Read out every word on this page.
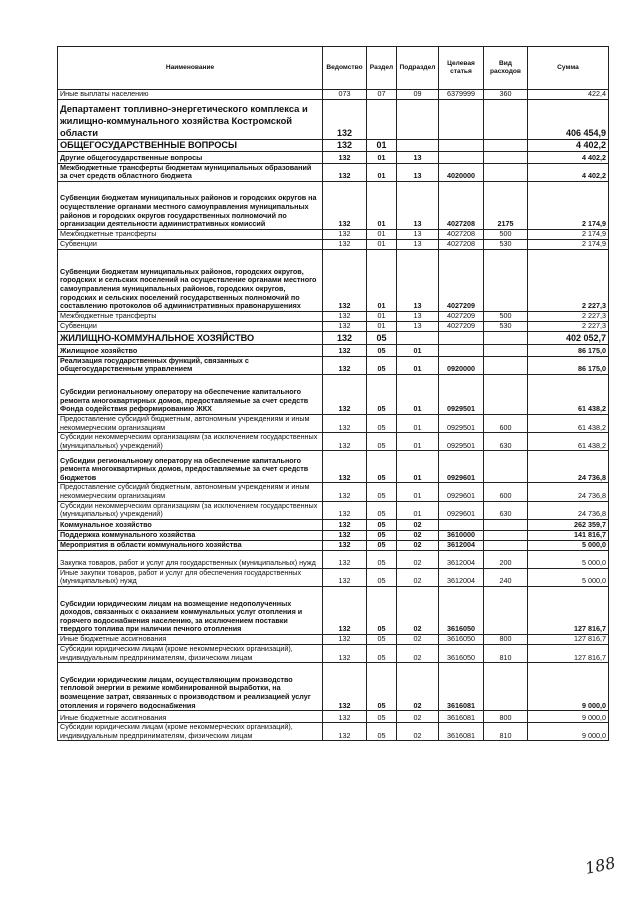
Наименование	Ведомство	Раздел	Подраздел	Целевая статья	Вид расходов	Сумма
Иные выплаты населению	073	07	09	6379999	360	422,4
Департамент топливно-энергетического комплекса и жилищно-коммунального хозяйства Костромской области	132					406 454,9
ОБЩЕГОСУДАРСТВЕННЫЕ ВОПРОСЫ	132	01				4 402,2
Другие общегосударственные вопросы	132	01	13			4 402,2
Межбюджетные трансферты бюджетам муниципальных образований за счет средств областного бюджета	132	01	13	4020000		4 402,2
Субвенции бюджетам муниципальных районов и городских округов на осуществление органами местного самоуправления муниципальных районов и городских округов государственных полномочий по организации деятельности административных комиссий	132	01	13	4027208	2175	2 174,9
Межбюджетные трансферты	132	01	13	4027208	500	2 174,9
Субвенции	132	01	13	4027208	530	2 174,9
Субвенции бюджетам муниципальных районов, городских округов, городских и сельских поселений на осуществление органами местного самоуправления муниципальных районов, городских округов, городских и сельских поселений государственных полномочий по составлению протоколов об административных правонарушениях	132	01	13	4027209		2 227,3
Межбюджетные трансферты	132	01	13	4027209	500	2 227,3
Субвенции	132	01	13	4027209	530	2 227,3
ЖИЛИЩНО-КОММУНАЛЬНОЕ ХОЗЯЙСТВО	132	05				402 052,7
Жилищное хозяйство	132	05	01			86 175,0
Реализация государственных функций, связанных с общегосударственным управлением	132	05	01	0920000		86 175,0
Субсидии региональному оператору на обеспечение капитального ремонта многоквартирных домов, предоставляемые за счет средств Фонда содействия реформированию ЖКХ	132	05	01	0929501		61 438,2
Предоставление субсидий бюджетным, автономным учреждениям и иным некоммерческим организациям	132	05	01	0929501	600	61 438,2
Субсидии некоммерческим организациям (за исключением государственных (муниципальных) учреждений)	132	05	01	0929501	630	61 438,2
Субсидии региональному оператору на обеспечение капитального ремонта многоквартирных домов, предоставляемые за счет средств бюджетов	132	05	01	0929601		24 736,8
Предоставление субсидий бюджетным, автономным учреждениям и иным некоммерческим организациям	132	05	01	0929601	600	24 736,8
Субсидии некоммерческим организациям (за исключением государственных (муниципальных) учреждений)	132	05	01	0929601	630	24 736,8
Коммунальное хозяйство	132	05	02			262 359,7
Поддержка коммунального хозяйства	132	05	02	3610000		141 816,7
Мероприятия в области коммунального хозяйства	132	05	02	3612004		5 000,0
Закупка товаров, работ и услуг для государственных (муниципальных) нужд	132	05	02	3612004	200	5 000,0
Иные закупки товаров, работ и услуг для обеспечения государственных (муниципальных) нужд	132	05	02	3612004	240	5 000,0
Субсидии юридическим лицам на возмещение недополученных доходов, связанных с оказанием коммунальных услуг отопления и горячего водоснабжения населению, за исключением поставки твердого топлива при наличии печного отопления	132	05	02	3616050		127 816,7
Иные бюджетные ассигнования	132	05	02	3616050	800	127 816,7
Субсидии юридическим лицам (кроме некоммерческих организаций), индивидуальным предпринимателям, физическим лицам	132	05	02	3616050	810	127 816,7
Субсидии юридическим лицам, осуществляющим производство тепловой энергии в режиме комбинированной выработки, на возмещение затрат, связанных с производством и реализацией услуг отопления и горячего водоснабжения	132	05	02	3616081		9 000,0
Иные бюджетные ассигнования	132	05	02	3616081	800	9 000,0
Субсидии юридическим лицам (кроме некоммерческих организаций), индивидуальным предпринимателям, физическим лицам	132	05	02	3616081	810	9 000,0
188
